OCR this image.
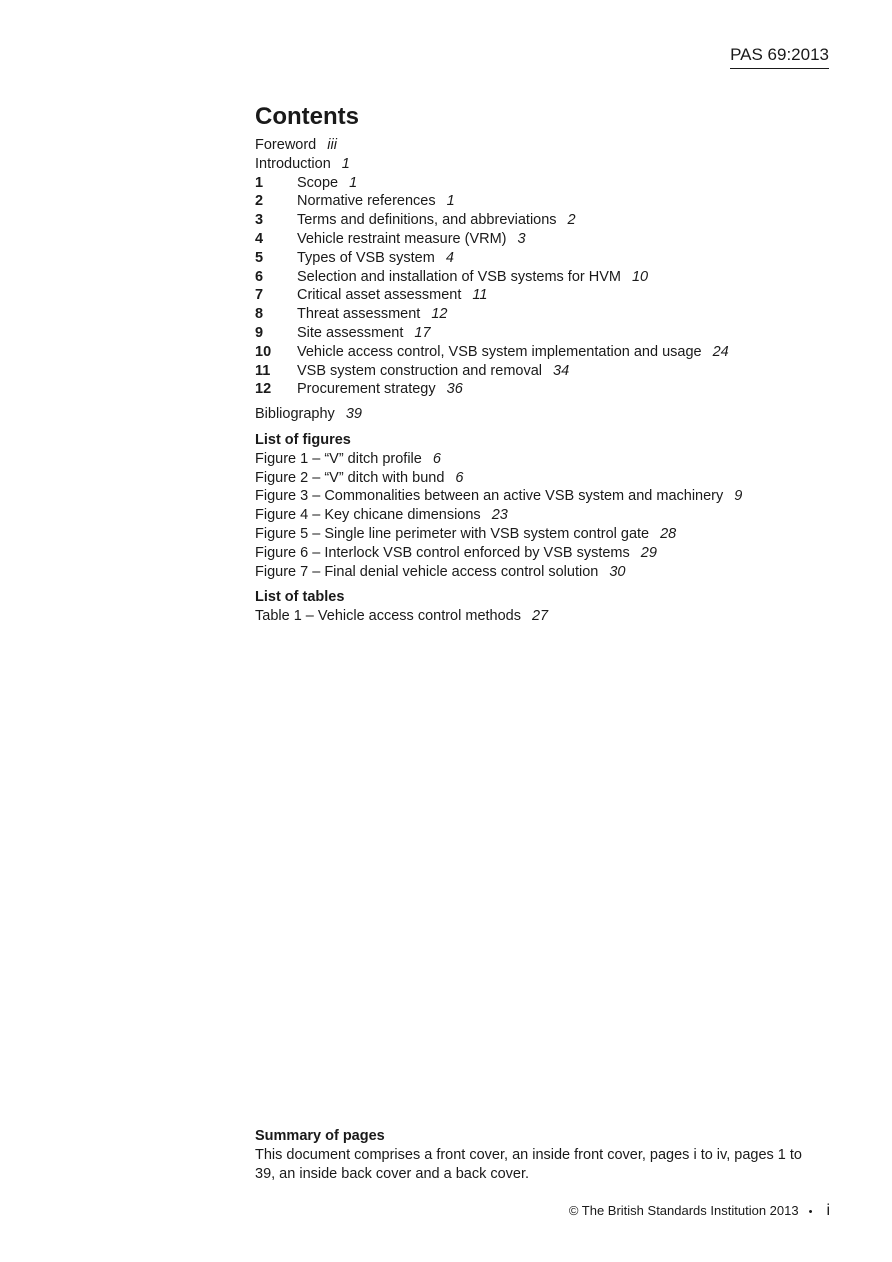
PAS 69:2013
Contents
Foreword iii
Introduction 1
1 Scope 1
2 Normative references 1
3 Terms and definitions, and abbreviations 2
4 Vehicle restraint measure (VRM) 3
5 Types of VSB system 4
6 Selection and installation of VSB systems for HVM 10
7 Critical asset assessment 11
8 Threat assessment 12
9 Site assessment 17
10 Vehicle access control, VSB system implementation and usage 24
11 VSB system construction and removal 34
12 Procurement strategy 36
Bibliography 39
List of figures
Figure 1 – “V” ditch profile 6
Figure 2 – “V” ditch with bund 6
Figure 3 – Commonalities between an active VSB system and machinery 9
Figure 4 – Key chicane dimensions 23
Figure 5 – Single line perimeter with VSB system control gate 28
Figure 6 – Interlock VSB control enforced by VSB systems 29
Figure 7 – Final denial vehicle access control solution 30
List of tables
Table 1 – Vehicle access control methods 27
Summary of pages
This document comprises a front cover, an inside front cover, pages i to iv, pages 1 to 39, an inside back cover and a back cover.
© The British Standards Institution 2013 • i
